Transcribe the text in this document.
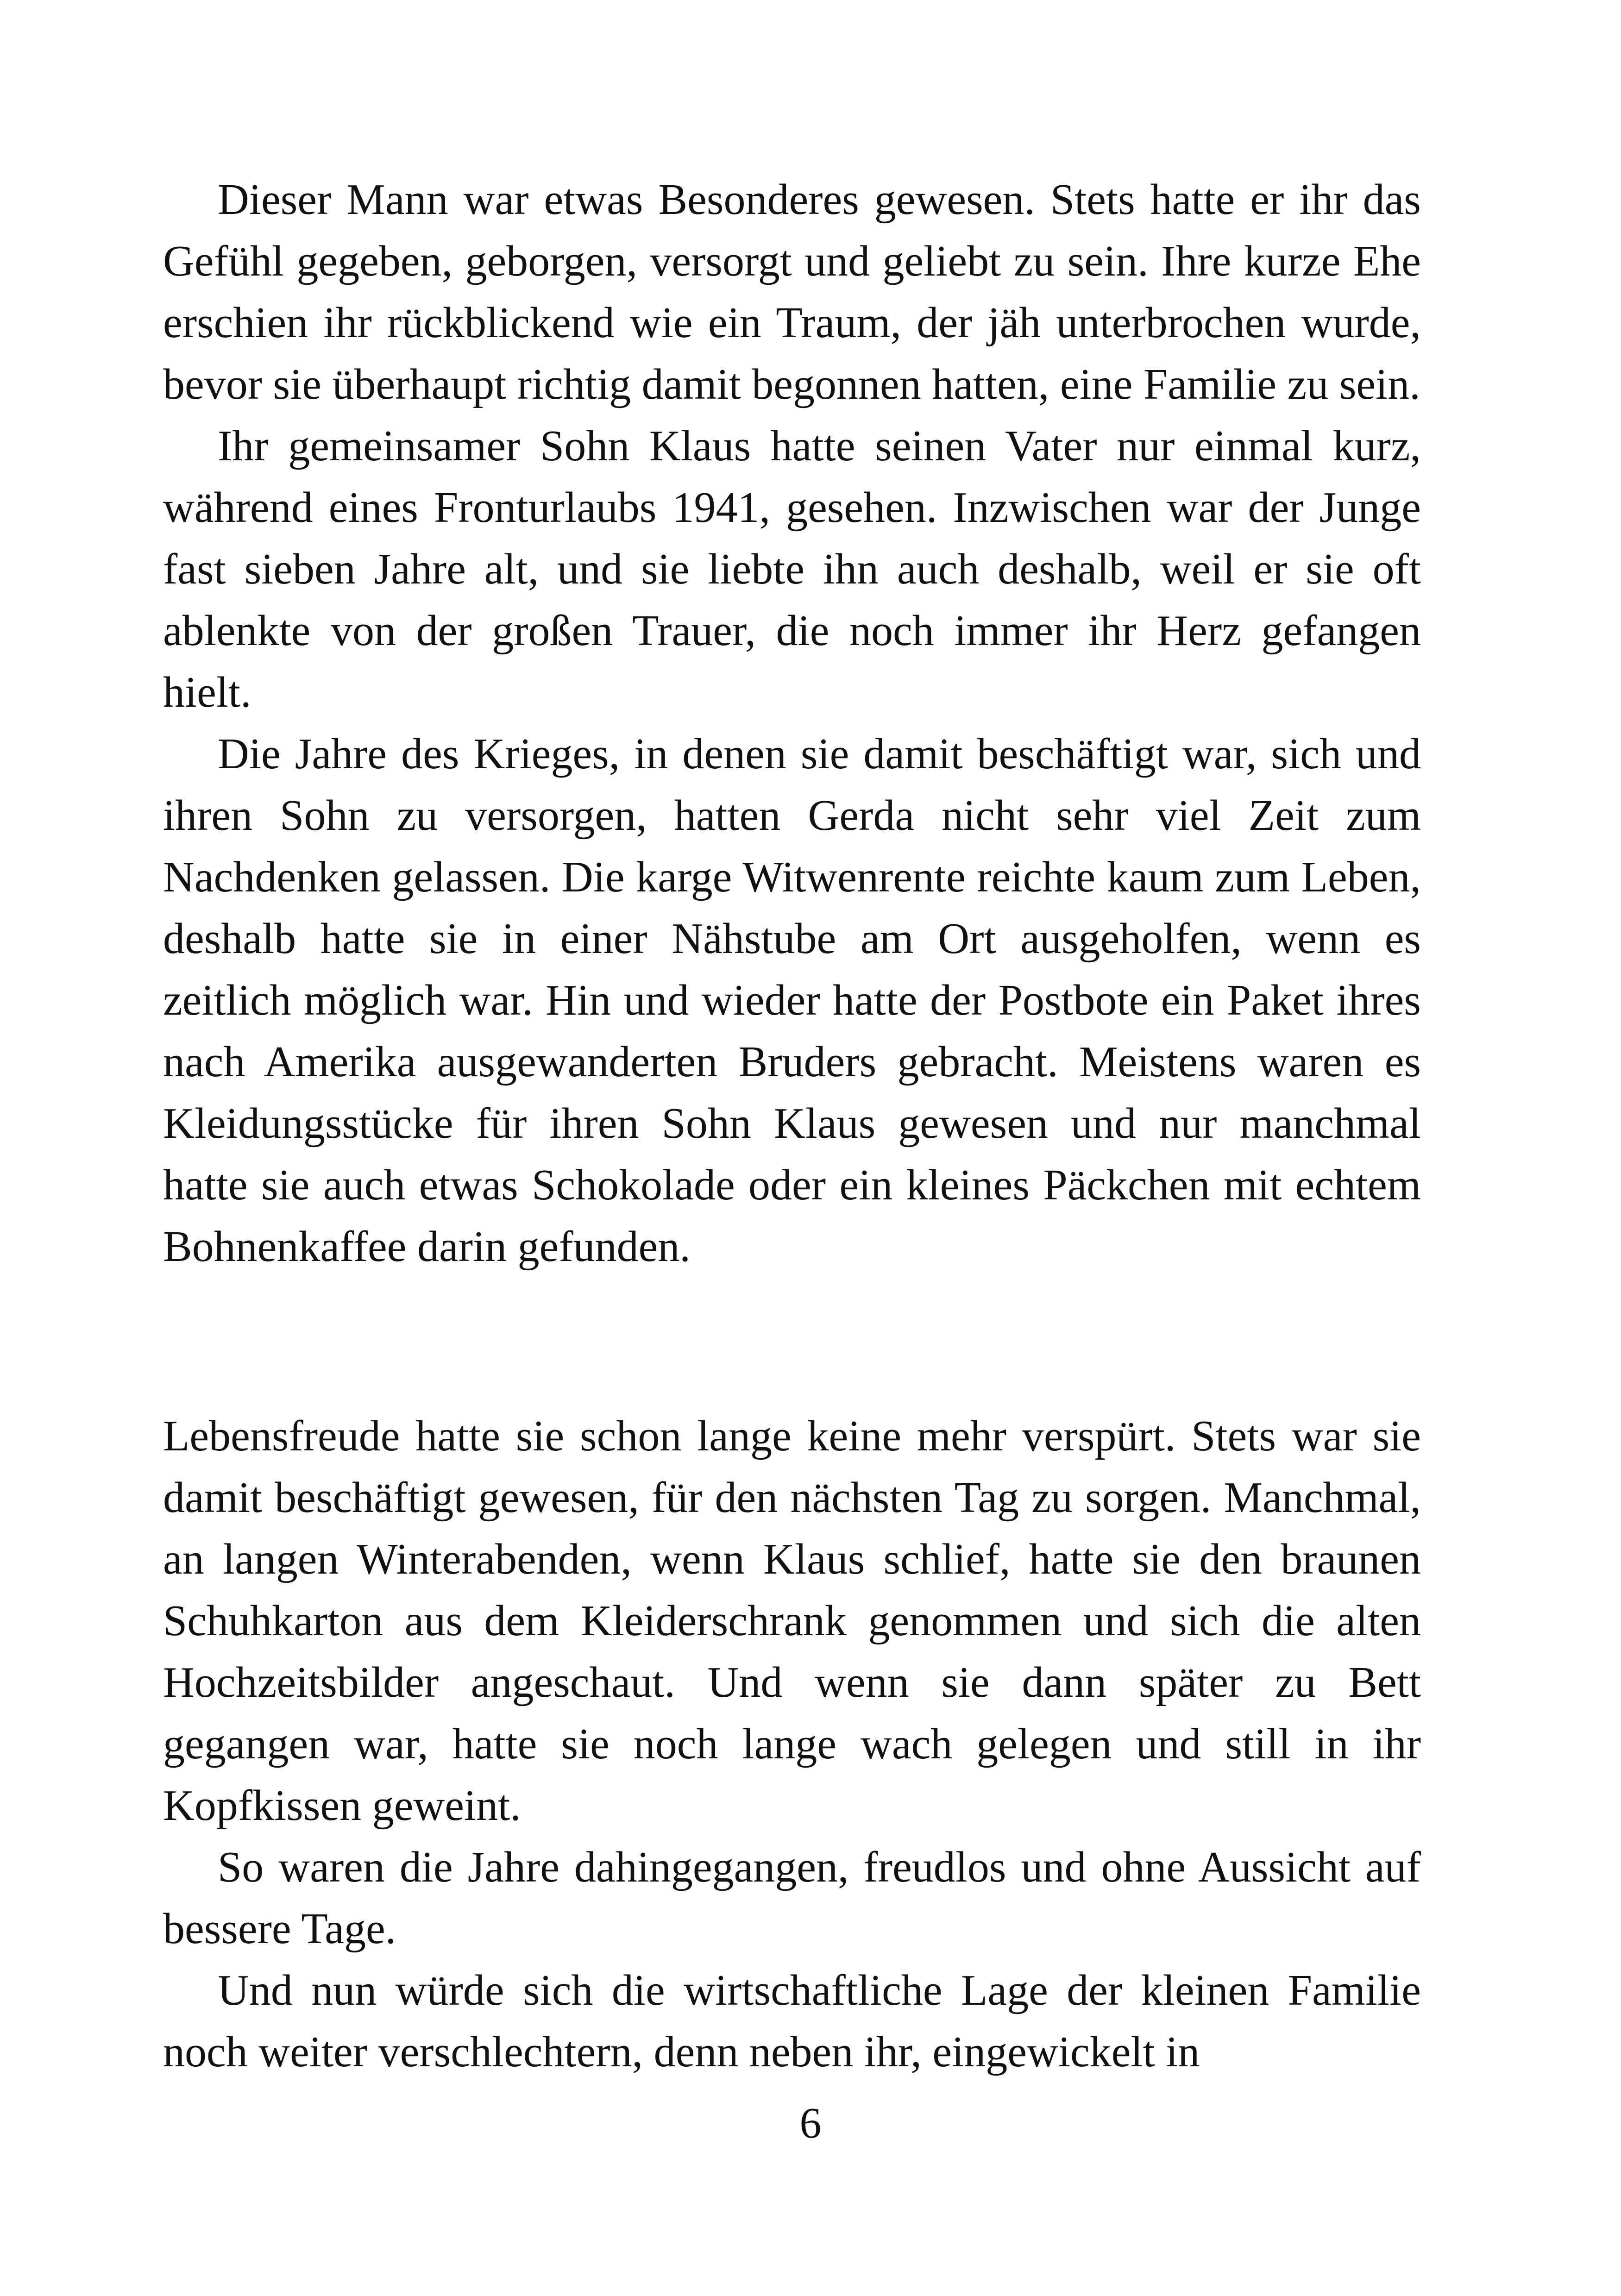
Dieser Mann war etwas Besonderes gewesen. Stets hatte er ihr das Gefühl gegeben, geborgen, versorgt und geliebt zu sein. Ihre kurze Ehe erschien ihr rückblickend wie ein Traum, der jäh unterbrochen wurde, bevor sie überhaupt richtig damit begonnen hatten, eine Familie zu sein.

Ihr gemeinsamer Sohn Klaus hatte seinen Vater nur einmal kurz, während eines Fronturlaubs 1941, gesehen. Inzwischen war der Junge fast sieben Jahre alt, und sie liebte ihn auch deshalb, weil er sie oft ablenkte von der großen Trauer, die noch immer ihr Herz gefangen hielt.

Die Jahre des Krieges, in denen sie damit beschäftigt war, sich und ihren Sohn zu versorgen, hatten Gerda nicht sehr viel Zeit zum Nachdenken gelassen. Die karge Witwenrente reichte kaum zum Leben, deshalb hatte sie in einer Nähstube am Ort ausgeholfen, wenn es zeitlich möglich war. Hin und wieder hatte der Postbote ein Paket ihres nach Amerika ausgewanderten Bruders gebracht. Meistens waren es Kleidungsstücke für ihren Sohn Klaus gewesen und nur manchmal hatte sie auch etwas Schokolade oder ein kleines Päckchen mit echtem Bohnenkaffee darin gefunden.

Lebensfreude hatte sie schon lange keine mehr verspürt. Stets war sie damit beschäftigt gewesen, für den nächsten Tag zu sorgen. Manchmal, an langen Winterabenden, wenn Klaus schlief, hatte sie den braunen Schuhkarton aus dem Kleiderschrank genommen und sich die alten Hochzeitsbilder angeschaut. Und wenn sie dann später zu Bett gegangen war, hatte sie noch lange wach gelegen und still in ihr Kopfkissen geweint.

So waren die Jahre dahingegangen, freudlos und ohne Aussicht auf bessere Tage.

Und nun würde sich die wirtschaftliche Lage der kleinen Familie noch weiter verschlechtern, denn neben ihr, eingewickelt in

6
